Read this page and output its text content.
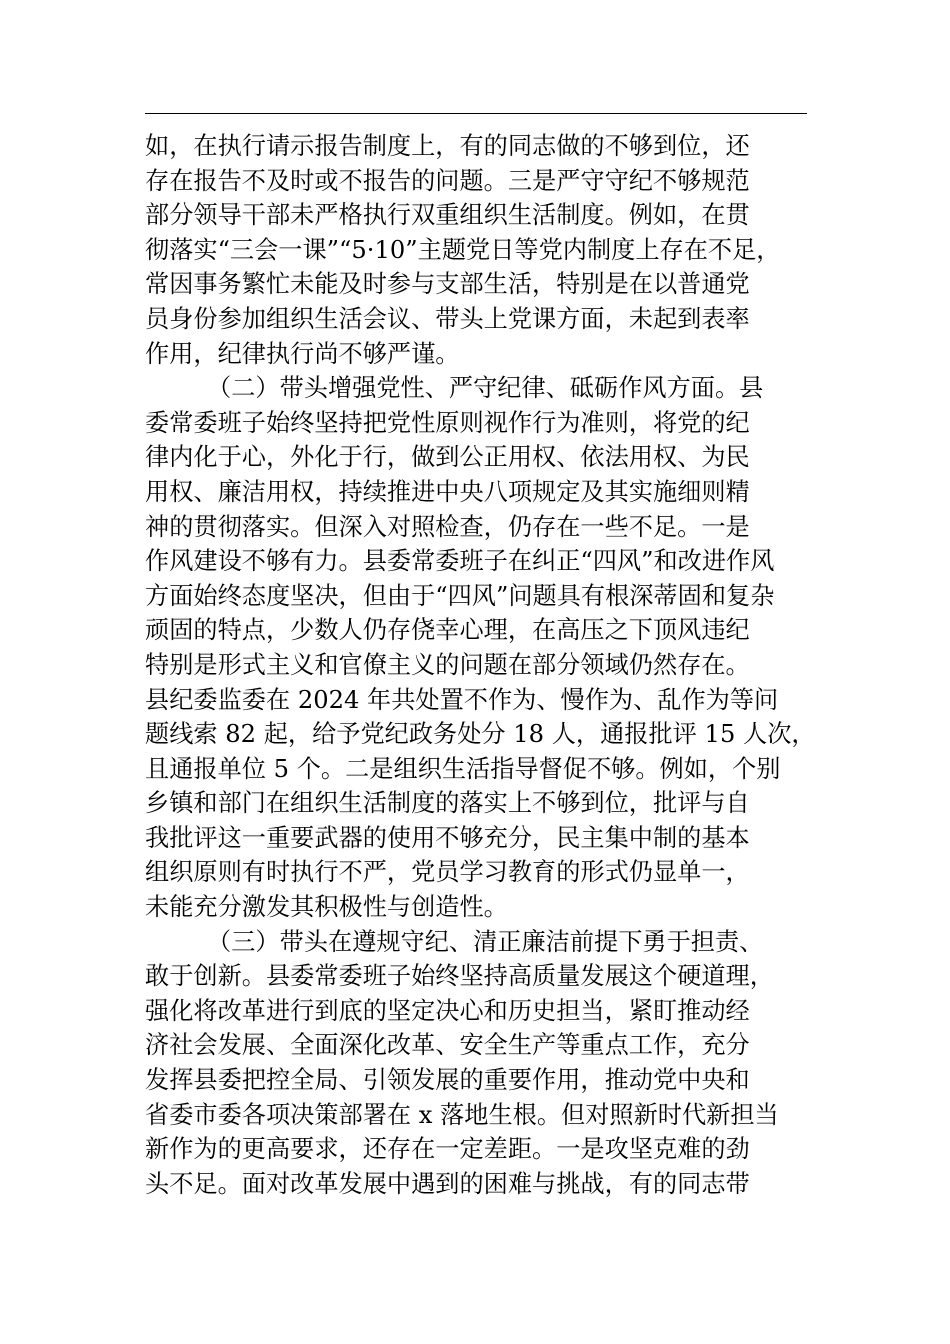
如，在执行请示报告制度上，有的同志做的不够到位，还
存在报告不及时或不报告的问题。三是严守守纪不够规范
部分领导干部未严格执行双重组织生活制度。例如，在贯
彻落实“三会一课”“5·10”主题党日等党内制度上存在不足，
常因事务繁忙未能及时参与支部生活，特别是在以普通党
员身份参加组织生活会议、带头上党课方面，未起到表率
作用，纪律执行尚不够严谨。
（二）带头增强党性、严守纪律、砥砺作风方面。县
委常委班子始终坚持把党性原则视作行为准则，将党的纪
律内化于心，外化于行，做到公正用权、依法用权、为民
用权、廉洁用权，持续推进中央八项规定及其实施细则精
神的贯彻落实。但深入对照检查，仍存在一些不足。一是
作风建设不够有力。县委常委班子在纠正“四风”和改进作风
方面始终态度坚决，但由于“四风”问题具有根深蒂固和复杂
顽固的特点，少数人仍存侥幸心理，在高压之下顶风违纪
特别是形式主义和官僚主义的问题在部分领域仍然存在。
县纪委监委在 2024 年共处置不作为、慢作为、乱作为等问
题线索 82 起，给予党纪政务处分 18 人，通报批评 15 人次，
且通报单位 5 个。二是组织生活指导督促不够。例如，个别
乡镇和部门在组织生活制度的落实上不够到位，批评与自
我批评这一重要武器的使用不够充分，民主集中制的基本
组织原则有时执行不严，党员学习教育的形式仍显单一，
未能充分激发其积极性与创造性。
（三）带头在遵规守纪、清正廉洁前提下勇于担责、
敢于创新。县委常委班子始终坚持高质量发展这个硬道理，
强化将改革进行到底的坚定决心和历史担当，紧盯推动经
济社会发展、全面深化改革、安全生产等重点工作，充分
发挥县委把控全局、引领发展的重要作用，推动党中央和
省委市委各项决策部署在 x 落地生根。但对照新时代新担当
新作为的更高要求，还存在一定差距。一是攻坚克难的劲
头不足。面对改革发展中遇到的困难与挑战，有的同志带
